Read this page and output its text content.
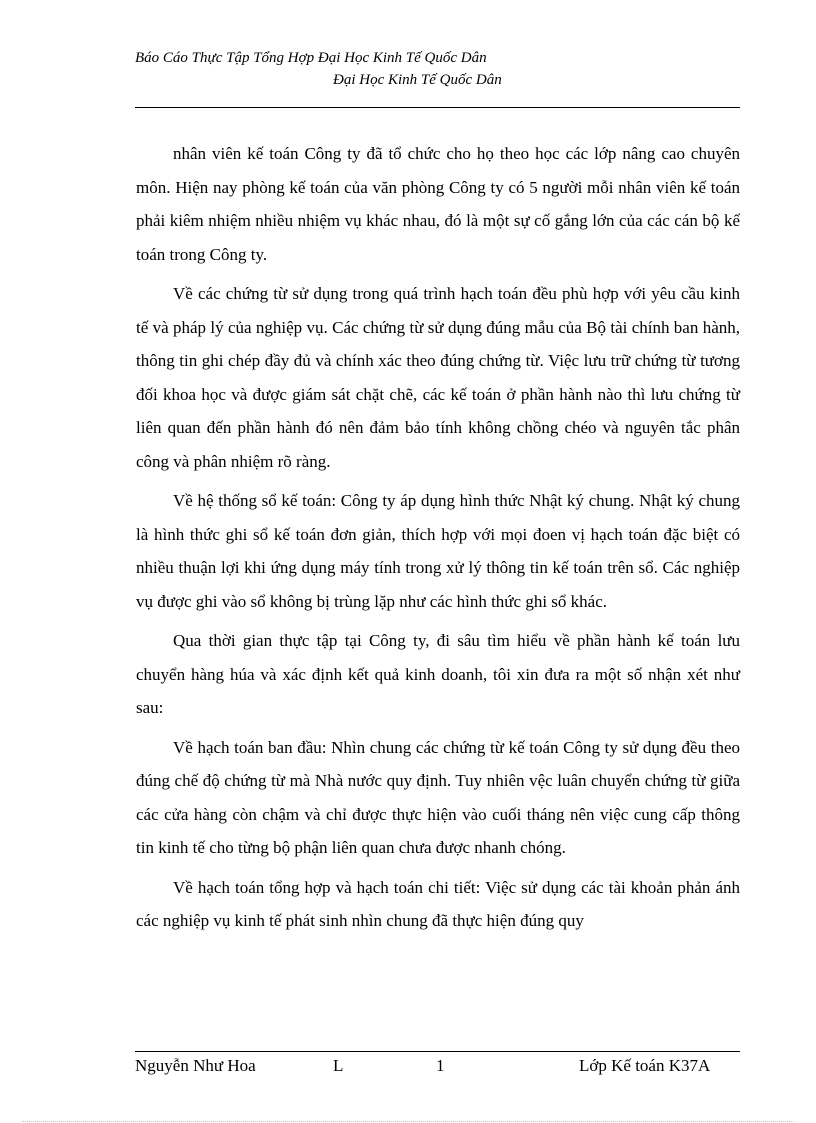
Báo Cáo Thực Tập Tổng Hợp Đại Học Kinh Tế Quốc Dân
Đại Học Kinh Tế Quốc Dân

nhân viên kế toán Công ty đã tổ chức cho họ theo học các lớp nâng cao chuyên môn. Hiện nay phòng kế toán của văn phòng Công ty có 5 người mỗi nhân viên kế toán phải kiêm nhiệm nhiều nhiệm vụ khác nhau, đó là một sự cố gắng lớn của các cán bộ kế toán trong Công ty.

Về các chứng từ sử dụng trong quá trình hạch toán đều phù hợp với yêu cầu kinh tế và pháp lý của nghiệp vụ. Các chứng từ sử dụng đúng mẫu của Bộ tài chính ban hành, thông tin ghi chép đầy đủ và chính xác theo đúng chứng từ. Việc lưu trữ chứng từ tương đối khoa học và được giám sát chặt chẽ, các kế toán ở phần hành nào thì lưu chứng từ liên quan đến phần hành đó nên đảm bảo tính không chồng chéo và nguyên tắc phân công và phân nhiệm rõ ràng.

Về hệ thống sổ kế toán: Công ty áp dụng hình thức Nhật ký chung. Nhật ký chung là hình thức ghi sổ kế toán đơn giản, thích hợp với mọi đoen vị hạch toán đặc biệt có nhiều thuận lợi khi ứng dụng máy tính trong xử lý thông tin kế toán trên sổ. Các nghiệp vụ được ghi vào sổ không bị trùng lặp như các hình thức ghi sổ khác.

Qua thời gian thực tập tại Công ty, đi sâu tìm hiểu về phần hành kế toán lưu chuyển hàng húa và xác định kết quả kinh doanh, tôi xin đưa ra một số nhận xét như sau:

Về hạch toán ban đầu: Nhìn chung các chứng từ kế toán Công ty sử dụng đều theo đúng chế độ chứng từ mà Nhà nước quy định. Tuy nhiên vệc luân chuyển chứng từ giữa các cửa hàng còn chậm và chỉ được thực hiện vào cuối tháng nên việc cung cấp thông tin kinh tế cho từng bộ phận liên quan chưa được nhanh chóng.

Về hạch toán tổng hợp và hạch toán chi tiết: Việc sử dụng các tài khoản phản ánh các nghiệp vụ kinh tế phát sinh nhìn chung đã thực hiện đúng quy

Nguyễn Như Hoa	L	1	Lớp Kế toán K37A
